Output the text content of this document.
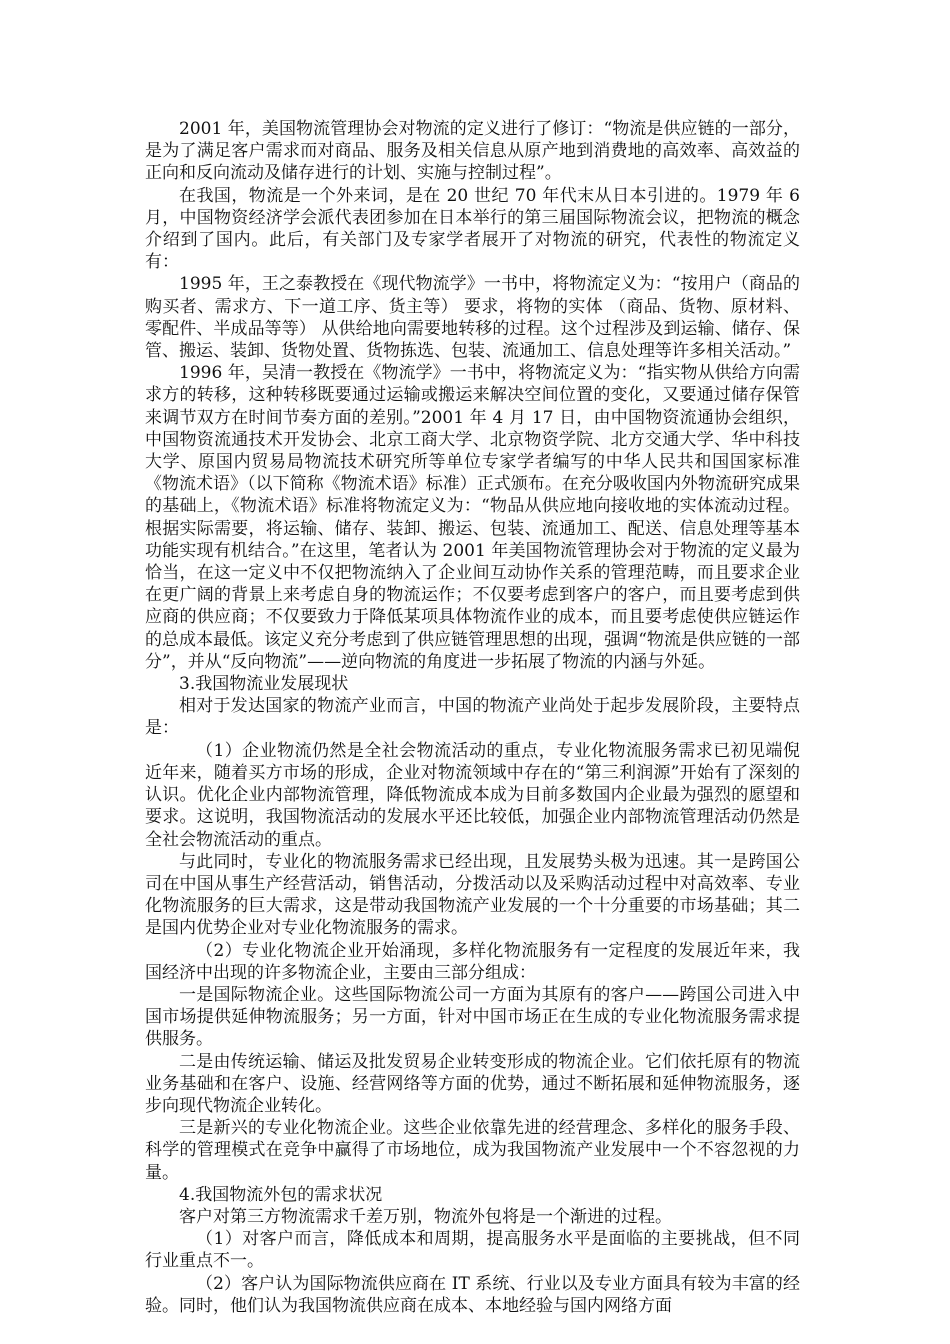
2001 年，美国物流管理协会对物流的定义进行了修订：“物流是供应链的一部分，是为了满足客户需求而对商品、服务及相关信息从原产地到消费地的高效率、高效益的正向和反向流动及储存进行的计划、实施与控制过程”。

在我国，物流是一个外来词，是在 20 世纪 70 年代末从日本引进的。1979 年 6 月，中国物资经济学会派代表团参加在日本举行的第三届国际物流会议，把物流的概念介绍到了国内。此后，有关部门及专家学者展开了对物流的研究，代表性的物流定义有：

1995 年，王之泰教授在《现代物流学》一书中，将物流定义为：“按用户（商品的购买者、需求方、下一道工序、货主等） 要求，将物的实体 （商品、货物、原材料、零配件、半成品等等） 从供给地向需要地转移的过程。这个过程涉及到运输、储存、保管、搬运、装卸、货物处置、货物拣选、包装、流通加工、信息处理等许多相关活动。”

1996 年，吴清一教授在《物流学》一书中，将物流定义为：“指实物从供给方向需求方的转移，这种转移既要通过运输或搬运来解决空间位置的变化，又要通过储存保管来调节双方在时间节奏方面的差别。”2001 年 4 月 17 日，由中国物资流通协会组织，中国物资流通技术开发协会、北京工商大学、北京物资学院、北方交通大学、华中科技大学、原国内贸易局物流技术研究所等单位专家学者编写的中华人民共和国国家标准《物流术语》（以下简称《物流术语》标准）正式颁布。在充分吸收国内外物流研究成果的基础上，《物流术语》标准将物流定义为：“物品从供应地向接收地的实体流动过程。根据实际需要，将运输、储存、装卸、搬运、包装、流通加工、配送、信息处理等基本功能实现有机结合。”在这里，笔者认为 2001 年美国物流管理协会对于物流的定义最为恰当，在这一定义中不仅把物流纳入了企业间互动协作关系的管理范畴，而且要求企业在更广阔的背景上来考虑自身的物流运作；不仅要考虑到客户的客户，而且要考虑到供应商的供应商；不仅要致力于降低某项具体物流作业的成本，而且要考虑使供应链运作的总成本最低。该定义充分考虑到了供应链管理思想的出现，强调“物流是供应链的一部分”，并从“反向物流”——逆向物流的角度进一步拓展了物流的内涵与外延。

3.我国物流业发展现状

相对于发达国家的物流产业而言，中国的物流产业尚处于起步发展阶段，主要特点是：

（1）企业物流仍然是全社会物流活动的重点，专业化物流服务需求已初见端倪近年来，随着买方市场的形成，企业对物流领域中存在的“第三利润源”开始有了深刻的认识。优化企业内部物流管理，降低物流成本成为目前多数国内企业最为强烈的愿望和要求。这说明，我国物流活动的发展水平还比较低，加强企业内部物流管理活动仍然是全社会物流活动的重点。

与此同时，专业化的物流服务需求已经出现，且发展势头极为迅速。其一是跨国公司在中国从事生产经营活动，销售活动，分拨活动以及采购活动过程中对高效率、专业化物流服务的巨大需求，这是带动我国物流产业发展的一个十分重要的市场基础；其二是国内优势企业对专业化物流服务的需求。

（2）专业化物流企业开始涌现，多样化物流服务有一定程度的发展近年来，我国经济中出现的许多物流企业，主要由三部分组成：

一是国际物流企业。这些国际物流公司一方面为其原有的客户——跨国公司进入中国市场提供延伸物流服务；另一方面，针对中国市场正在生成的专业化物流服务需求提供服务。

二是由传统运输、储运及批发贸易企业转变形成的物流企业。它们依托原有的物流业务基础和在客户、设施、经营网络等方面的优势，通过不断拓展和延伸物流服务，逐步向现代物流企业转化。

三是新兴的专业化物流企业。这些企业依靠先进的经营理念、多样化的服务手段、科学的管理模式在竞争中赢得了市场地位，成为我国物流产业发展中一个不容忽视的力量。

4.我国物流外包的需求状况

客户对第三方物流需求千差万别，物流外包将是一个渐进的过程。

（1）对客户而言，降低成本和周期，提高服务水平是面临的主要挑战，但不同行业重点不一。

（2）客户认为国际物流供应商在 IT 系统、行业以及专业方面具有较为丰富的经验。同时，他们认为我国物流供应商在成本、本地经验与国内网络方面
